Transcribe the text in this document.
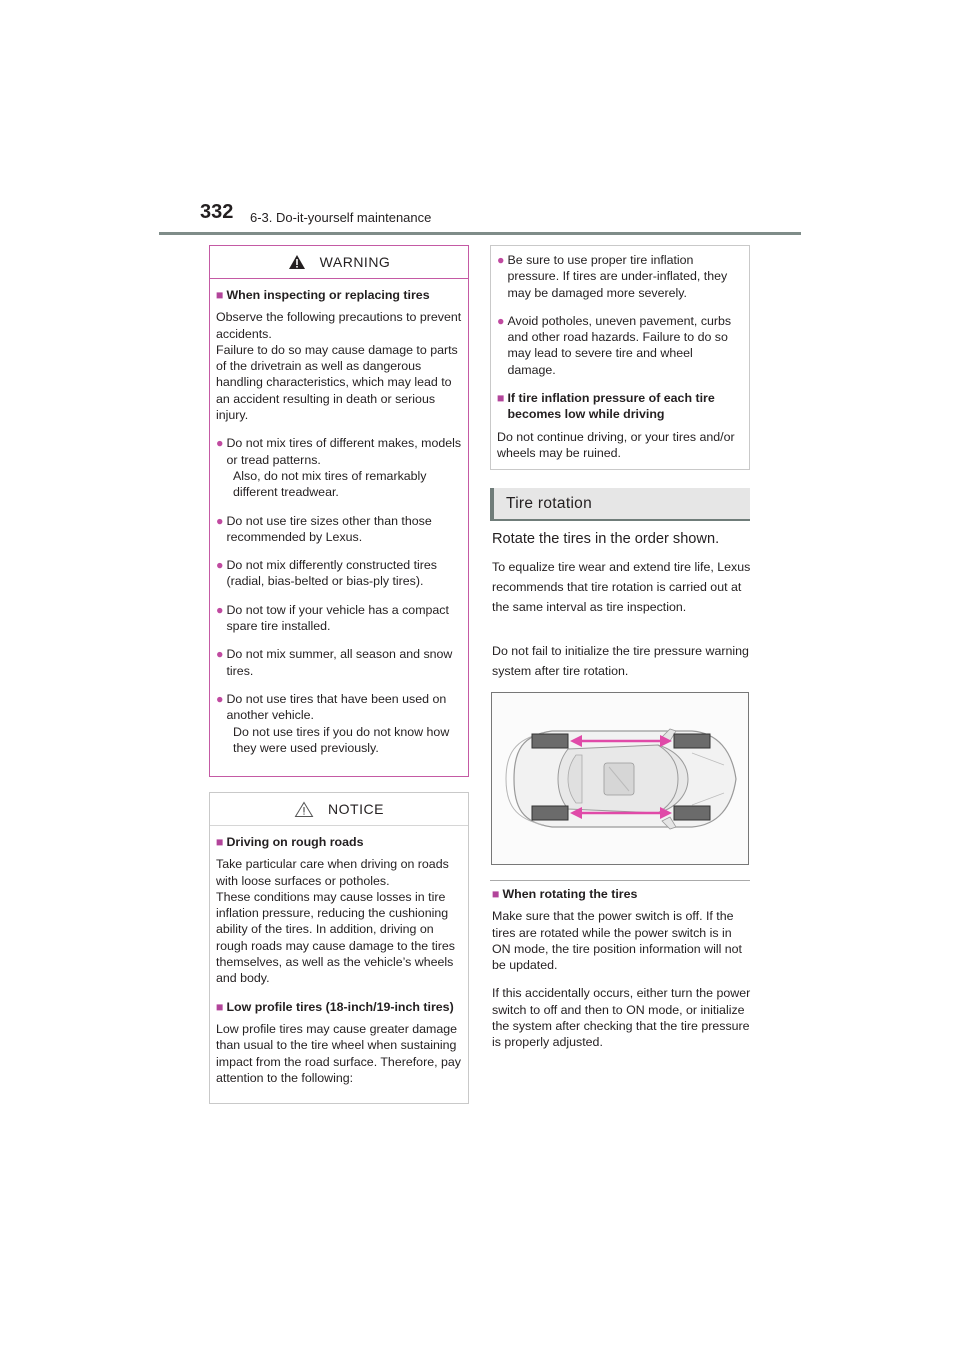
332 6-3. Do-it-yourself maintenance
WARNING
■ When inspecting or replacing tires
Observe the following precautions to prevent accidents.
Failure to do so may cause damage to parts of the drivetrain as well as dangerous handling characteristics, which may lead to an accident resulting in death or serious injury.
● Do not mix tires of different makes, models or tread patterns.
Also, do not mix tires of remarkably different treadwear.
● Do not use tire sizes other than those recommended by Lexus.
● Do not mix differently constructed tires (radial, bias-belted or bias-ply tires).
● Do not tow if your vehicle has a compact spare tire installed.
● Do not mix summer, all season and snow tires.
● Do not use tires that have been used on another vehicle.
Do not use tires if you do not know how they were used previously.
NOTICE
■ Driving on rough roads
Take particular care when driving on roads with loose surfaces or potholes.
These conditions may cause losses in tire inflation pressure, reducing the cushioning ability of the tires. In addition, driving on rough roads may cause damage to the tires themselves, as well as the vehicle’s wheels and body.
■ Low profile tires (18-inch/19-inch tires)
Low profile tires may cause greater damage than usual to the tire wheel when sustaining impact from the road surface. Therefore, pay attention to the following:
● Be sure to use proper tire inflation pressure. If tires are under-inflated, they may be damaged more severely.
● Avoid potholes, uneven pavement, curbs and other road hazards. Failure to do so may lead to severe tire and wheel damage.
■ If tire inflation pressure of each tire becomes low while driving
Do not continue driving, or your tires and/or wheels may be ruined.
Tire rotation
Rotate the tires in the order shown.
To equalize tire wear and extend tire life, Lexus recommends that tire rotation is carried out at the same interval as tire inspection.
Do not fail to initialize the tire pressure warning system after tire rotation.
■ When rotating the tires
Make sure that the power switch is off. If the tires are rotated while the power switch is in ON mode, the tire position information will not be updated.
If this accidentally occurs, either turn the power switch to off and then to ON mode, or initialize the system after checking that the tire pressure is properly adjusted.
